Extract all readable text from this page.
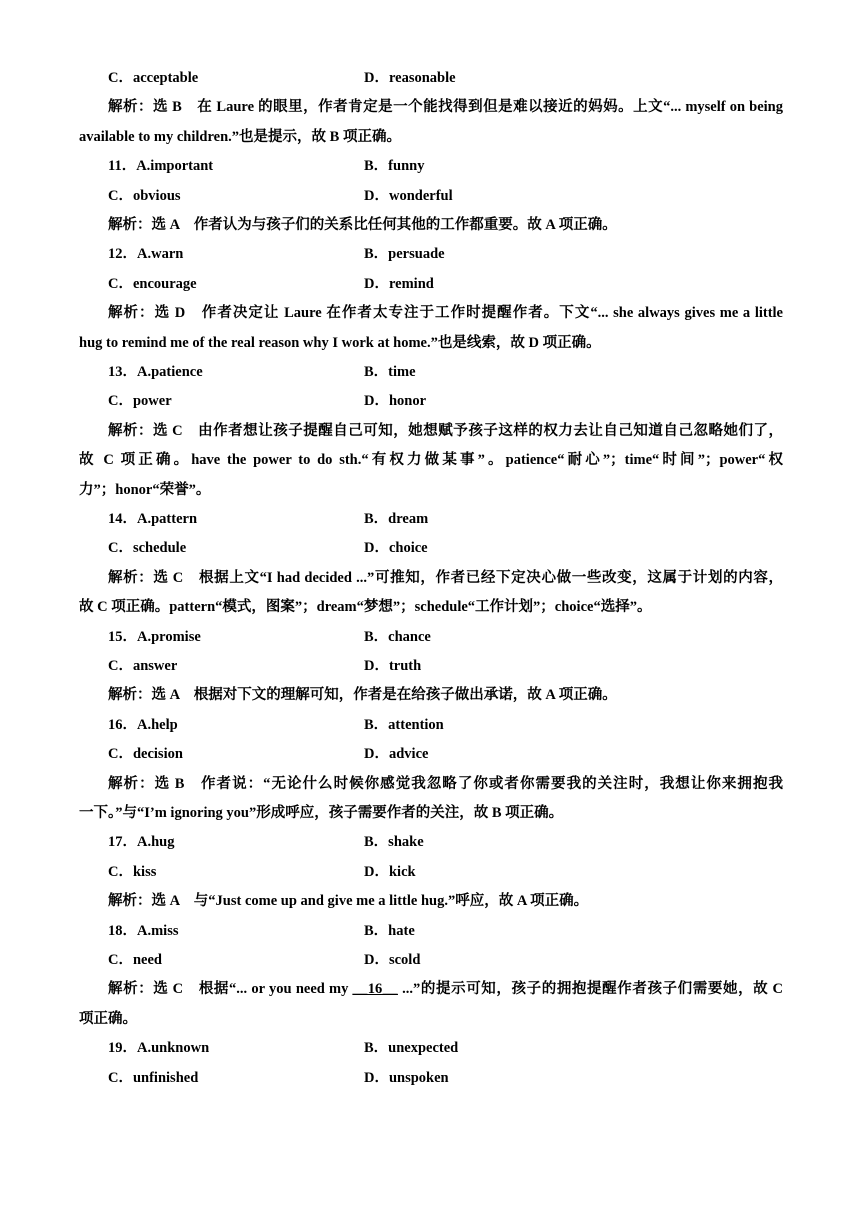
C．acceptable	D．reasonable
解析：选 B　在 Laure 的眼里，作者肯定是一个能找得到但是难以接近的妈妈。上文“... myself on being
available to my children.”也是提示，故 B 项正确。
11．A.important	B．funny
C．obvious	D．wonderful
解析：选 A　作者认为与孩子们的关系比任何其他的工作都重要。故 A 项正确。
12．A.warn	B．persuade
C．encourage	D．remind
解析：选 D　作者决定让 Laure 在作者太专注于工作时提醒作者。下文“... she always gives me a little
hug to remind me of the real reason why I work at home.”也是线索，故 D 项正确。
13．A.patience	B．time
C．power	D．honor
解析：选 C　由作者想让孩子提醒自己可知，她想赋予孩子这样的权力去让自己知道自己忽略她们了，
故 C 项正确。have the power to do sth.“有权力做某事”。patience“耐心”；time“时间”；power“权
力”；honor“荣誉”。
14．A.pattern	B．dream
C．schedule	D．choice
解析：选 C　根据上文“I had decided ...”可推知，作者已经下定决心做一些改变，这属于计划的内容，
故 C 项正确。pattern“模式，图案”；dream“梦想”；schedule“工作计划”；choice“选择”。
15．A.promise	B．chance
C．answer	D．truth
解析：选 A　根据对下文的理解可知，作者是在给孩子做出承诺，故 A 项正确。
16．A.help	B．attention
C．decision	D．advice
解析：选 B　作者说：“无论什么时候你感觉我忽略了你或者你需要我的关注时，我想让你来拥抱我
一下。”与“I’m ignoring you”形成呼应，孩子需要作者的关注，故 B 项正确。
17．A.hug	B．shake
C．kiss	D．kick
解析：选 A　与“Just come up and give me a little hug.”呼应，故 A 项正确。
18．A.miss	B．hate
C．need	D．scold
解析：选 C　根据“... or you need my ＿16＿ ...”的提示可知，孩子的拥抱提醒作者孩子们需要她，故 C
项正确。
19．A.unknown	B．unexpected
C．unfinished	D．unspoken
